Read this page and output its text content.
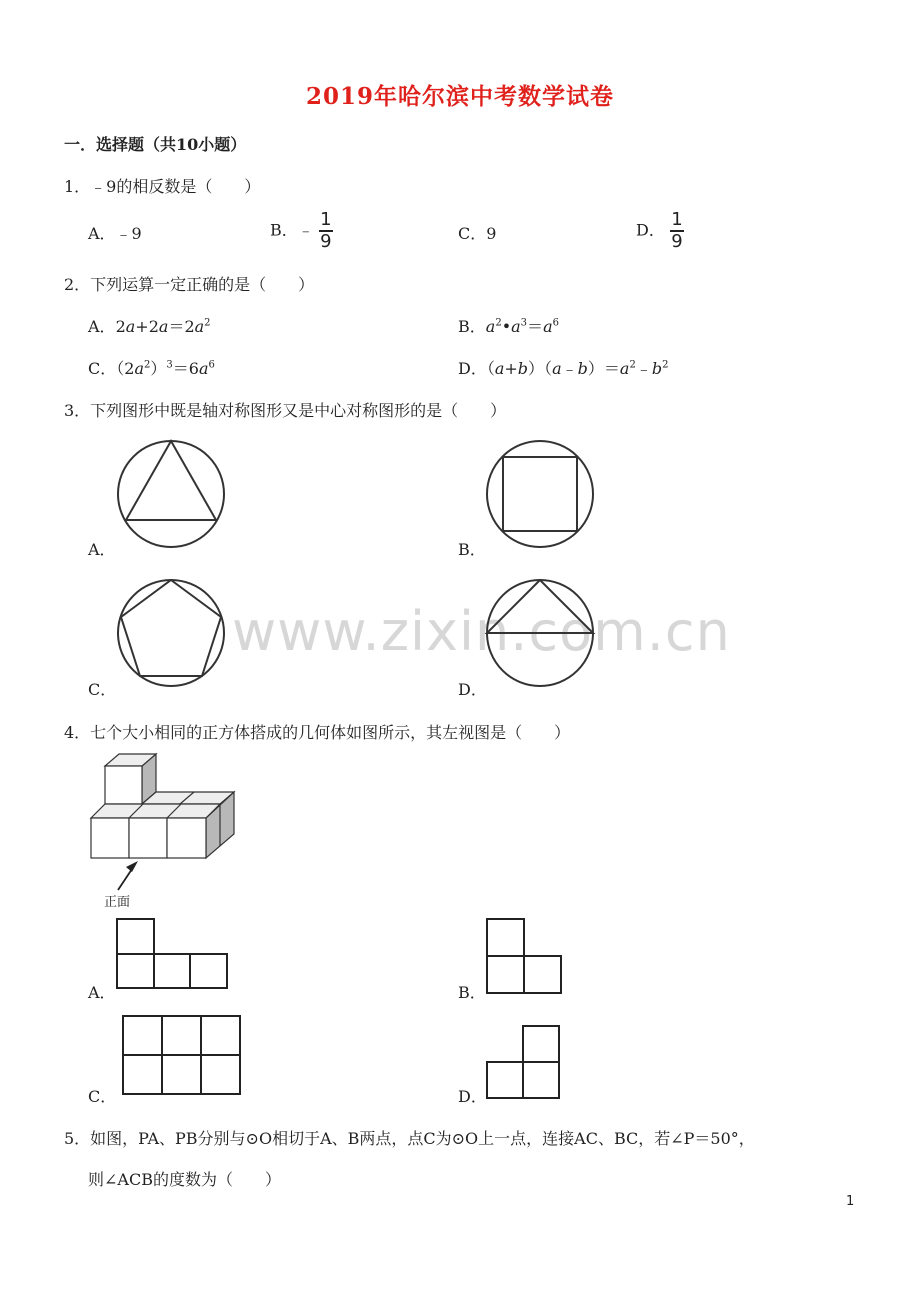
2019年哈尔滨中考数学试卷
一．选择题（共10小题）
www.zixin.com.cn
1．﹣9的相反数是（　　）
A．﹣9	B．﹣ $\frac{1}{9}$	C．9	D． $\frac{1}{9}$
2．下列运算一定正确的是（　　）
A．$2a+2a=2a^2$	B．$a^2•a^3=a^6$
C．$(2a^2)^3=6a^6$	D．$(a+b)(a﹣b)=a^2﹣b^2$
3．下列图形中既是轴对称图形又是中心对称图形的是（　　）
A．	B．
C．	D．
4．七个大小相同的正方体搭成的几何体如图所示，其左视图是（　　）
正面
A．	B．
C．	D．
5．如图，PA、PB分别与⊙O相切于A、B两点，点C为⊙O上一点，连接AC、BC，若∠P＝50°，
则∠ACB的度数为（　　）
1
